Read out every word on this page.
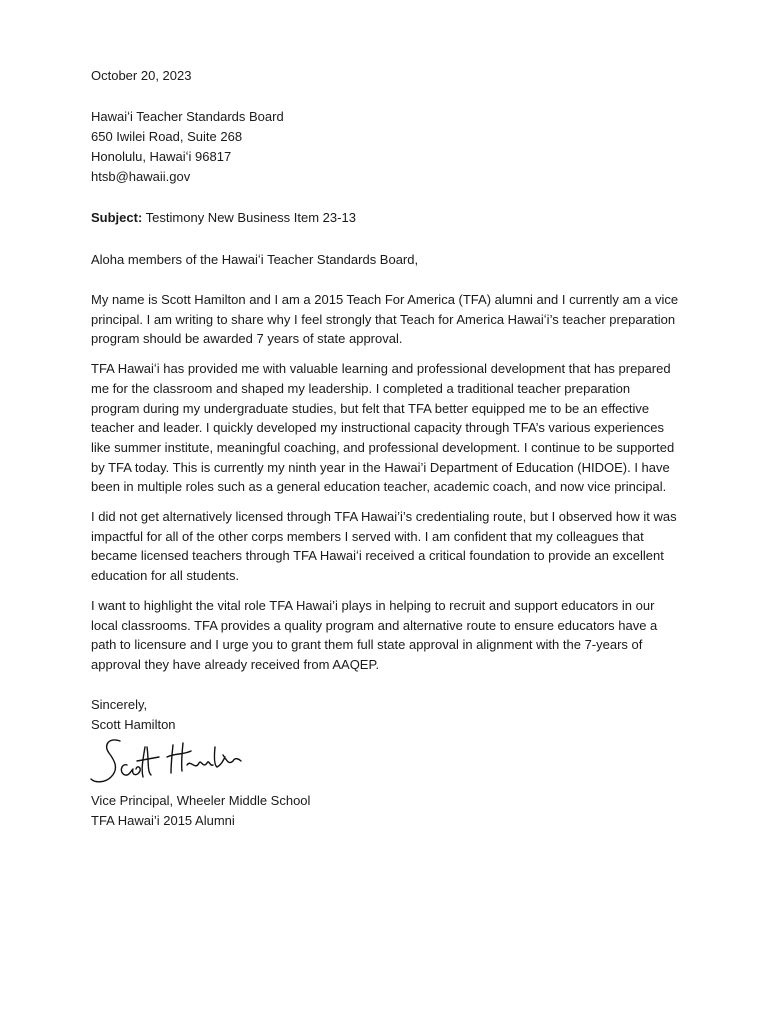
October 20, 2023
Hawaiʻi Teacher Standards Board
650 Iwilei Road, Suite 268
Honolulu, Hawaiʻi 96817
htsb@hawaii.gov
Subject: Testimony New Business Item 23-13
Aloha members of the Hawaiʻi Teacher Standards Board,

My name is Scott Hamilton and I am a 2015 Teach For America (TFA) alumni and I currently am a vice principal. I am writing to share why I feel strongly that Teach for America Hawaiʻi’s teacher preparation program should be awarded 7 years of state approval.

TFA Hawaiʻi has provided me with valuable learning and professional development that has prepared me for the classroom and shaped my leadership. I completed a traditional teacher preparation program during my undergraduate studies, but felt that TFA better equipped me to be an effective teacher and leader. I quickly developed my instructional capacity through TFA’s various experiences like summer institute, meaningful coaching, and professional development. I continue to be supported by TFA today. This is currently my ninth year in the Hawai’i Department of Education (HIDOE). I have been in multiple roles such as a general education teacher, academic coach, and now vice principal.

I did not get alternatively licensed through TFA Hawai’i’s credentialing route, but I observed how it was impactful for all of the other corps members I served with. I am confident that my colleagues that became licensed teachers through TFA Hawaiʻi received a critical foundation to provide an excellent education for all students.

I want to highlight the vital role TFA Hawai’i plays in helping to recruit and support educators in our local classrooms. TFA provides a quality program and alternative route to ensure educators have a path to licensure and I urge you to grant them full state approval in alignment with the 7-years of approval they have already received from AAQEP.

Sincerely,
Scott Hamilton
Vice Principal, Wheeler Middle School
TFA Hawai’i 2015 Alumni
